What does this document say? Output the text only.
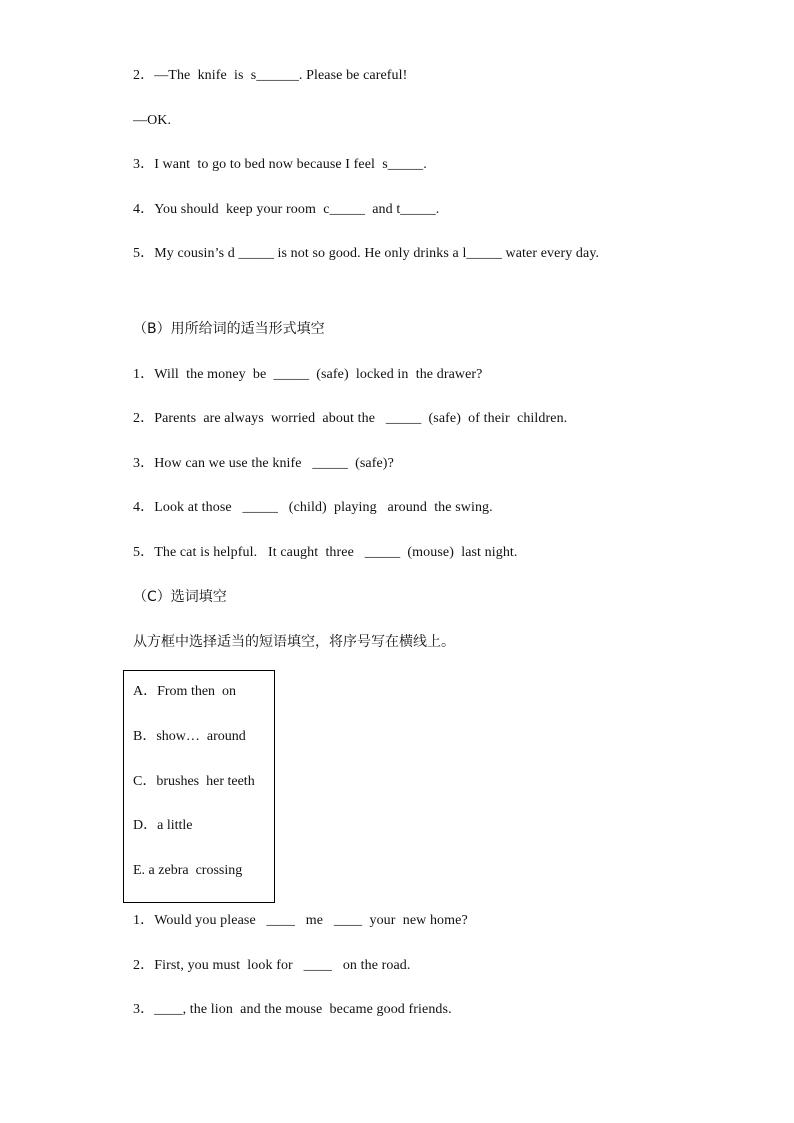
2．—The  knife  is  s______. Please be careful!
—OK.
3．I want  to go to bed now because I feel  s_____.
4．You should  keep your room  c_____  and t_____.
5．My cousin’s d _____ is not so good. He only drinks a l_____ water every day.
（B）用所给词的适当形式填空
1．Will  the money  be  _____  (safe)  locked in  the drawer?
2．Parents  are always  worried  about the   _____  (safe)  of their  children.
3．How can we use the knife   _____  (safe)?
4．Look at those   _____   (child)  playing   around  the swing.
5．The cat is helpful.   It caught  three   _____  (mouse)  last night.
（C）选词填空
从方框中选择适当的短语填空，将序号写在横线上。
A．From then  on
B．show…  around
C．brushes  her teeth
D．a little
E. a zebra  crossing
1．Would you please   ____   me   ____  your  new home?
2．First, you must  look for   ____   on the road.
3．____, the lion  and the mouse  became good friends.
